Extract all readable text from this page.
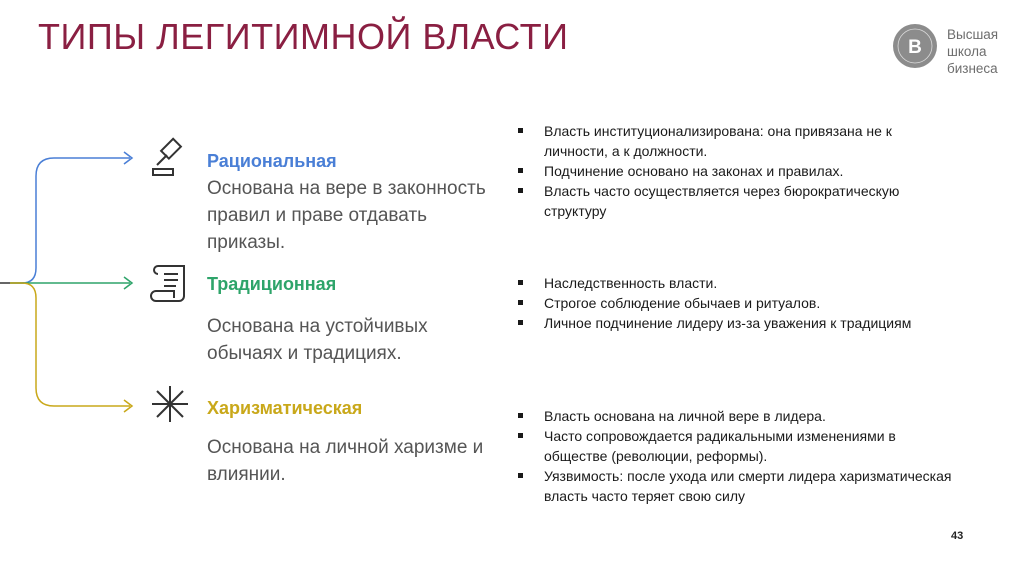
ТИПЫ ЛЕГИТИМНОЙ ВЛАСТИ	B
Высшая
школа
бизнеса
Рациональная

Основана на вере в законность правил и праве отдавать приказы.

Традиционная

Основана на устойчивых обычаях и традициях.

Харизматическая

Основана на личной харизме и влиянии.

Власть институционализирована: она привязана не к личности, а к должности.
Подчинение основано на законах и правилах.
Власть часто осуществляется через бюрократическую структуру
Наследственность власти.
Строгое соблюдение обычаев и ритуалов.
Личное подчинение лидеру из-за уважения к традициям
Власть основана на личной вере в лидера.
Часто сопровождается радикальными изменениями в обществе (революции, реформы).
Уязвимость: после ухода или смерти лидера харизматическая власть часто теряет свою силу
43
